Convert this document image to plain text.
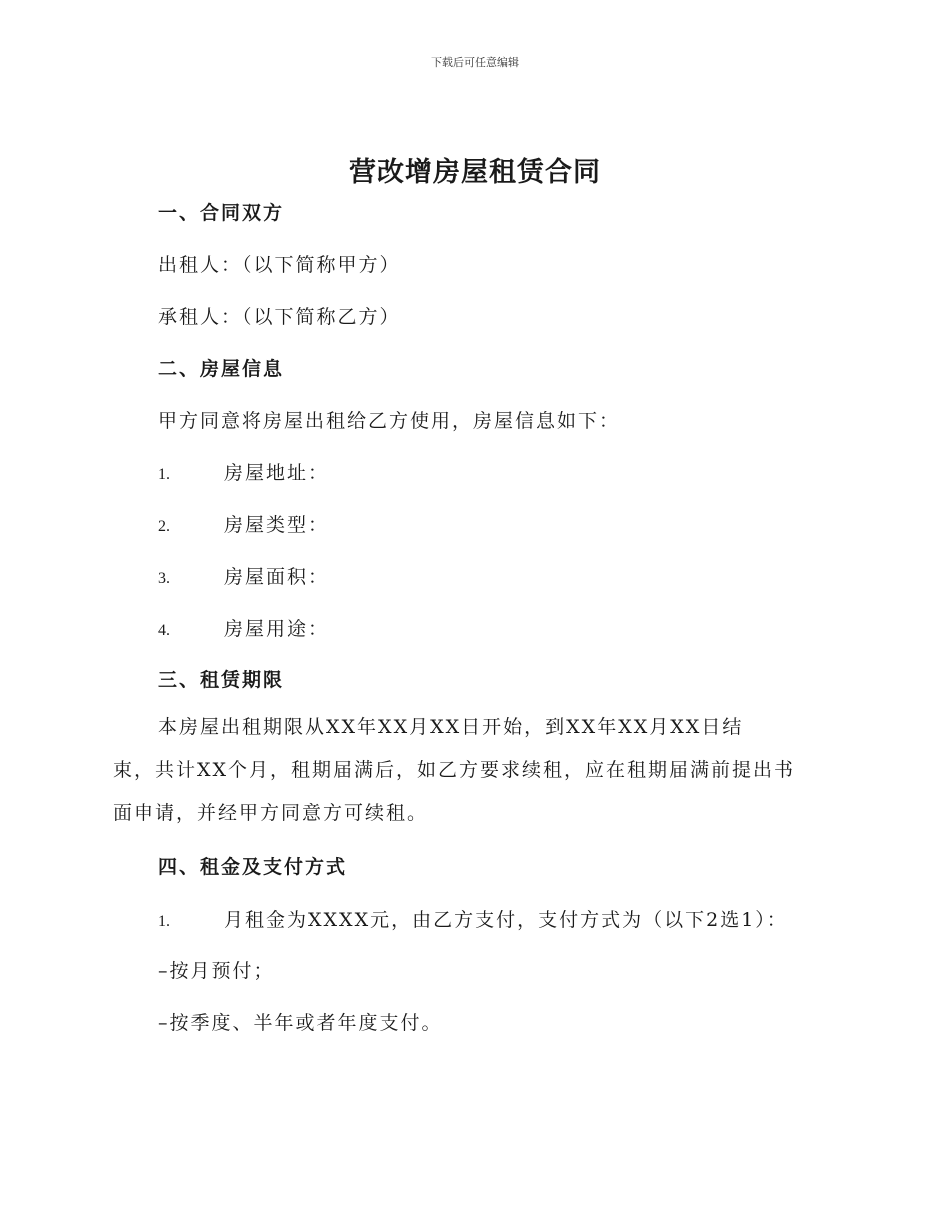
下载后可任意编辑
营改增房屋租赁合同
一、合同双方
出租人：（以下简称甲方）
承租人：（以下简称乙方）
二、房屋信息
甲方同意将房屋出租给乙方使用，房屋信息如下：
1.	房屋地址：
2.	房屋类型：
3.	房屋面积：
4.	房屋用途：
三、租赁期限
本房屋出租期限从XX年XX月XX日开始，到XX年XX月XX日结
束，共计XX个月，租期届满后，如乙方要求续租，应在租期届满前提出书
面申请，并经甲方同意方可续租。
四、租金及支付方式
1.	月租金为XXXX元，由乙方支付，支付方式为（以下2选1）：
–按月预付；
–按季度、半年或者年度支付。
